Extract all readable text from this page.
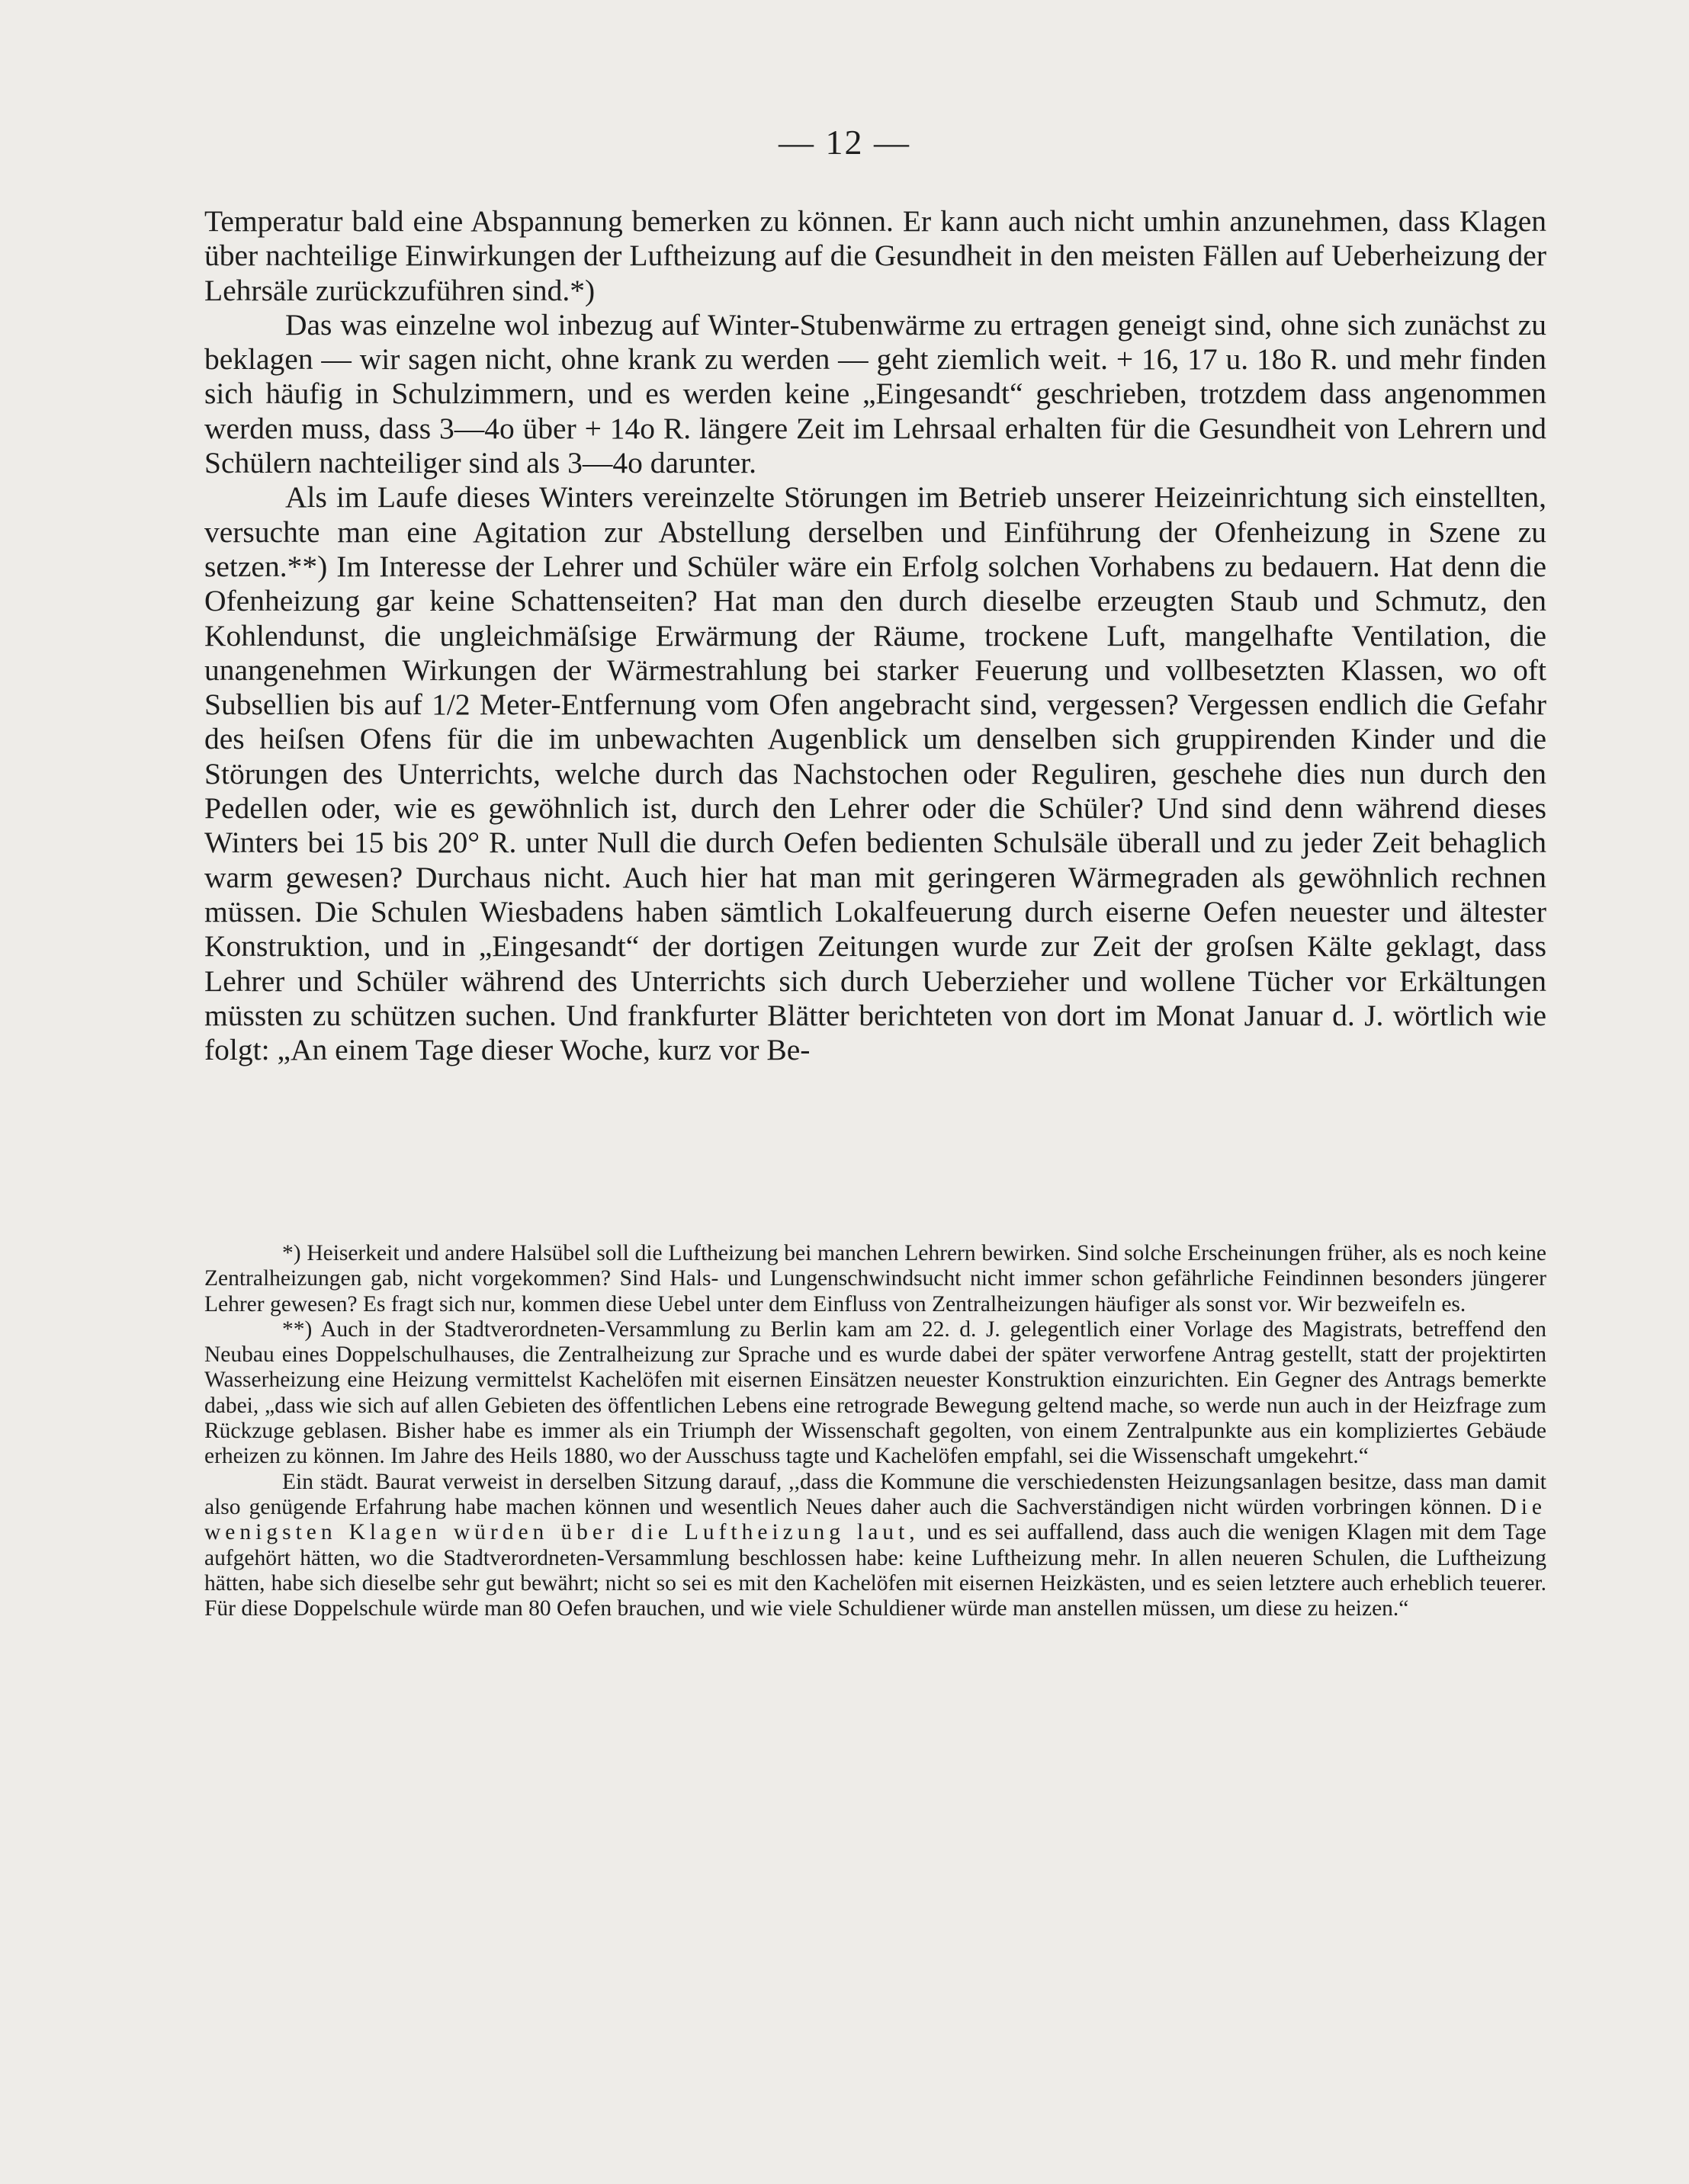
— 12 —

Temperatur bald eine Abspannung bemerken zu können. Er kann auch nicht umhin anzunehmen, dass Klagen über nachteilige Einwirkungen der Luftheizung auf die Gesundheit in den meisten Fällen auf Ueberheizung der Lehrsäle zurückzuführen sind.*)

Das was einzelne wol inbezug auf Winter-Stubenwärme zu ertragen geneigt sind, ohne sich zunächst zu beklagen — wir sagen nicht, ohne krank zu werden — geht ziemlich weit. + 16, 17 u. 18o R. und mehr finden sich häufig in Schulzimmern, und es werden keine „Eingesandt“ geschrieben, trotzdem dass angenommen werden muss, dass 3—4o über + 14o R. längere Zeit im Lehrsaal erhalten für die Gesundheit von Lehrern und Schülern nachteiliger sind als 3—4o darunter.

Als im Laufe dieses Winters vereinzelte Störungen im Betrieb unserer Heizeinrichtung sich einstellten, versuchte man eine Agitation zur Abstellung derselben und Einführung der Ofenheizung in Szene zu setzen.**) Im Interesse der Lehrer und Schüler wäre ein Erfolg solchen Vorhabens zu bedauern. Hat denn die Ofenheizung gar keine Schattenseiten? Hat man den durch dieselbe erzeugten Staub und Schmutz, den Kohlendunst, die ungleichmäſsige Erwärmung der Räume, trockene Luft, mangelhafte Ventilation, die unangenehmen Wirkungen der Wärmestrahlung bei starker Feuerung und vollbesetzten Klassen, wo oft Subsellien bis auf 1/2 Meter-Entfernung vom Ofen angebracht sind, vergessen? Vergessen endlich die Gefahr des heiſsen Ofens für die im unbewachten Augenblick um denselben sich gruppirenden Kinder und die Störungen des Unterrichts, welche durch das Nachstochen oder Reguliren, geschehe dies nun durch den Pedellen oder, wie es gewöhnlich ist, durch den Lehrer oder die Schüler? Und sind denn während dieses Winters bei 15 bis 20° R. unter Null die durch Oefen bedienten Schulsäle überall und zu jeder Zeit behaglich warm gewesen? Durchaus nicht. Auch hier hat man mit geringeren Wärmegraden als gewöhnlich rechnen müssen. Die Schulen Wiesbadens haben sämtlich Lokalfeuerung durch eiserne Oefen neuester und ältester Konstruktion, und in „Eingesandt“ der dortigen Zeitungen wurde zur Zeit der groſsen Kälte geklagt, dass Lehrer und Schüler während des Unterrichts sich durch Ueberzieher und wollene Tücher vor Erkältungen müssten zu schützen suchen. Und frankfurter Blätter berichteten von dort im Monat Januar d. J. wörtlich wie folgt: „An einem Tage dieser Woche, kurz vor Be-

*) Heiserkeit und andere Halsübel soll die Luftheizung bei manchen Lehrern bewirken. Sind solche Erscheinungen früher, als es noch keine Zentralheizungen gab, nicht vorgekommen? Sind Hals- und Lungenschwindsucht nicht immer schon gefährliche Feindinnen besonders jüngerer Lehrer gewesen? Es fragt sich nur, kommen diese Uebel unter dem Einfluss von Zentralheizungen häufiger als sonst vor. Wir bezweifeln es.

**) Auch in der Stadtverordneten-Versammlung zu Berlin kam am 22. d. J. gelegentlich einer Vorlage des Magistrats, betreffend den Neubau eines Doppelschulhauses, die Zentralheizung zur Sprache und es wurde dabei der später verworfene Antrag gestellt, statt der projektirten Wasserheizung eine Heizung vermittelst Kachelöfen mit eisernen Einsätzen neuester Konstruktion einzurichten. Ein Gegner des Antrags bemerkte dabei, „dass wie sich auf allen Gebieten des öffentlichen Lebens eine retrograde Bewegung geltend mache, so werde nun auch in der Heizfrage zum Rückzuge geblasen. Bisher habe es immer als ein Triumph der Wissenschaft gegolten, von einem Zentralpunkte aus ein kompliziertes Gebäude erheizen zu können. Im Jahre des Heils 1880, wo der Ausschuss tagte und Kachelöfen empfahl, sei die Wissenschaft umgekehrt.“

Ein städt. Baurat verweist in derselben Sitzung darauf, ,,dass die Kommune die verschiedensten Heizungsanlagen besitze, dass man damit also genügende Erfahrung habe machen können und wesentlich Neues daher auch die Sachverständigen nicht würden vorbringen können. Die wenigsten Klagen würden über die Luftheizung laut, und es sei auffallend, dass auch die wenigen Klagen mit dem Tage aufgehört hätten, wo die Stadtverordneten-Versammlung beschlossen habe: keine Luftheizung mehr. In allen neueren Schulen, die Luftheizung hätten, habe sich dieselbe sehr gut bewährt; nicht so sei es mit den Kachelöfen mit eisernen Heizkästen, und es seien letztere auch erheblich teuerer. Für diese Doppelschule würde man 80 Oefen brauchen, und wie viele Schuldiener würde man anstellen müssen, um diese zu heizen.“
